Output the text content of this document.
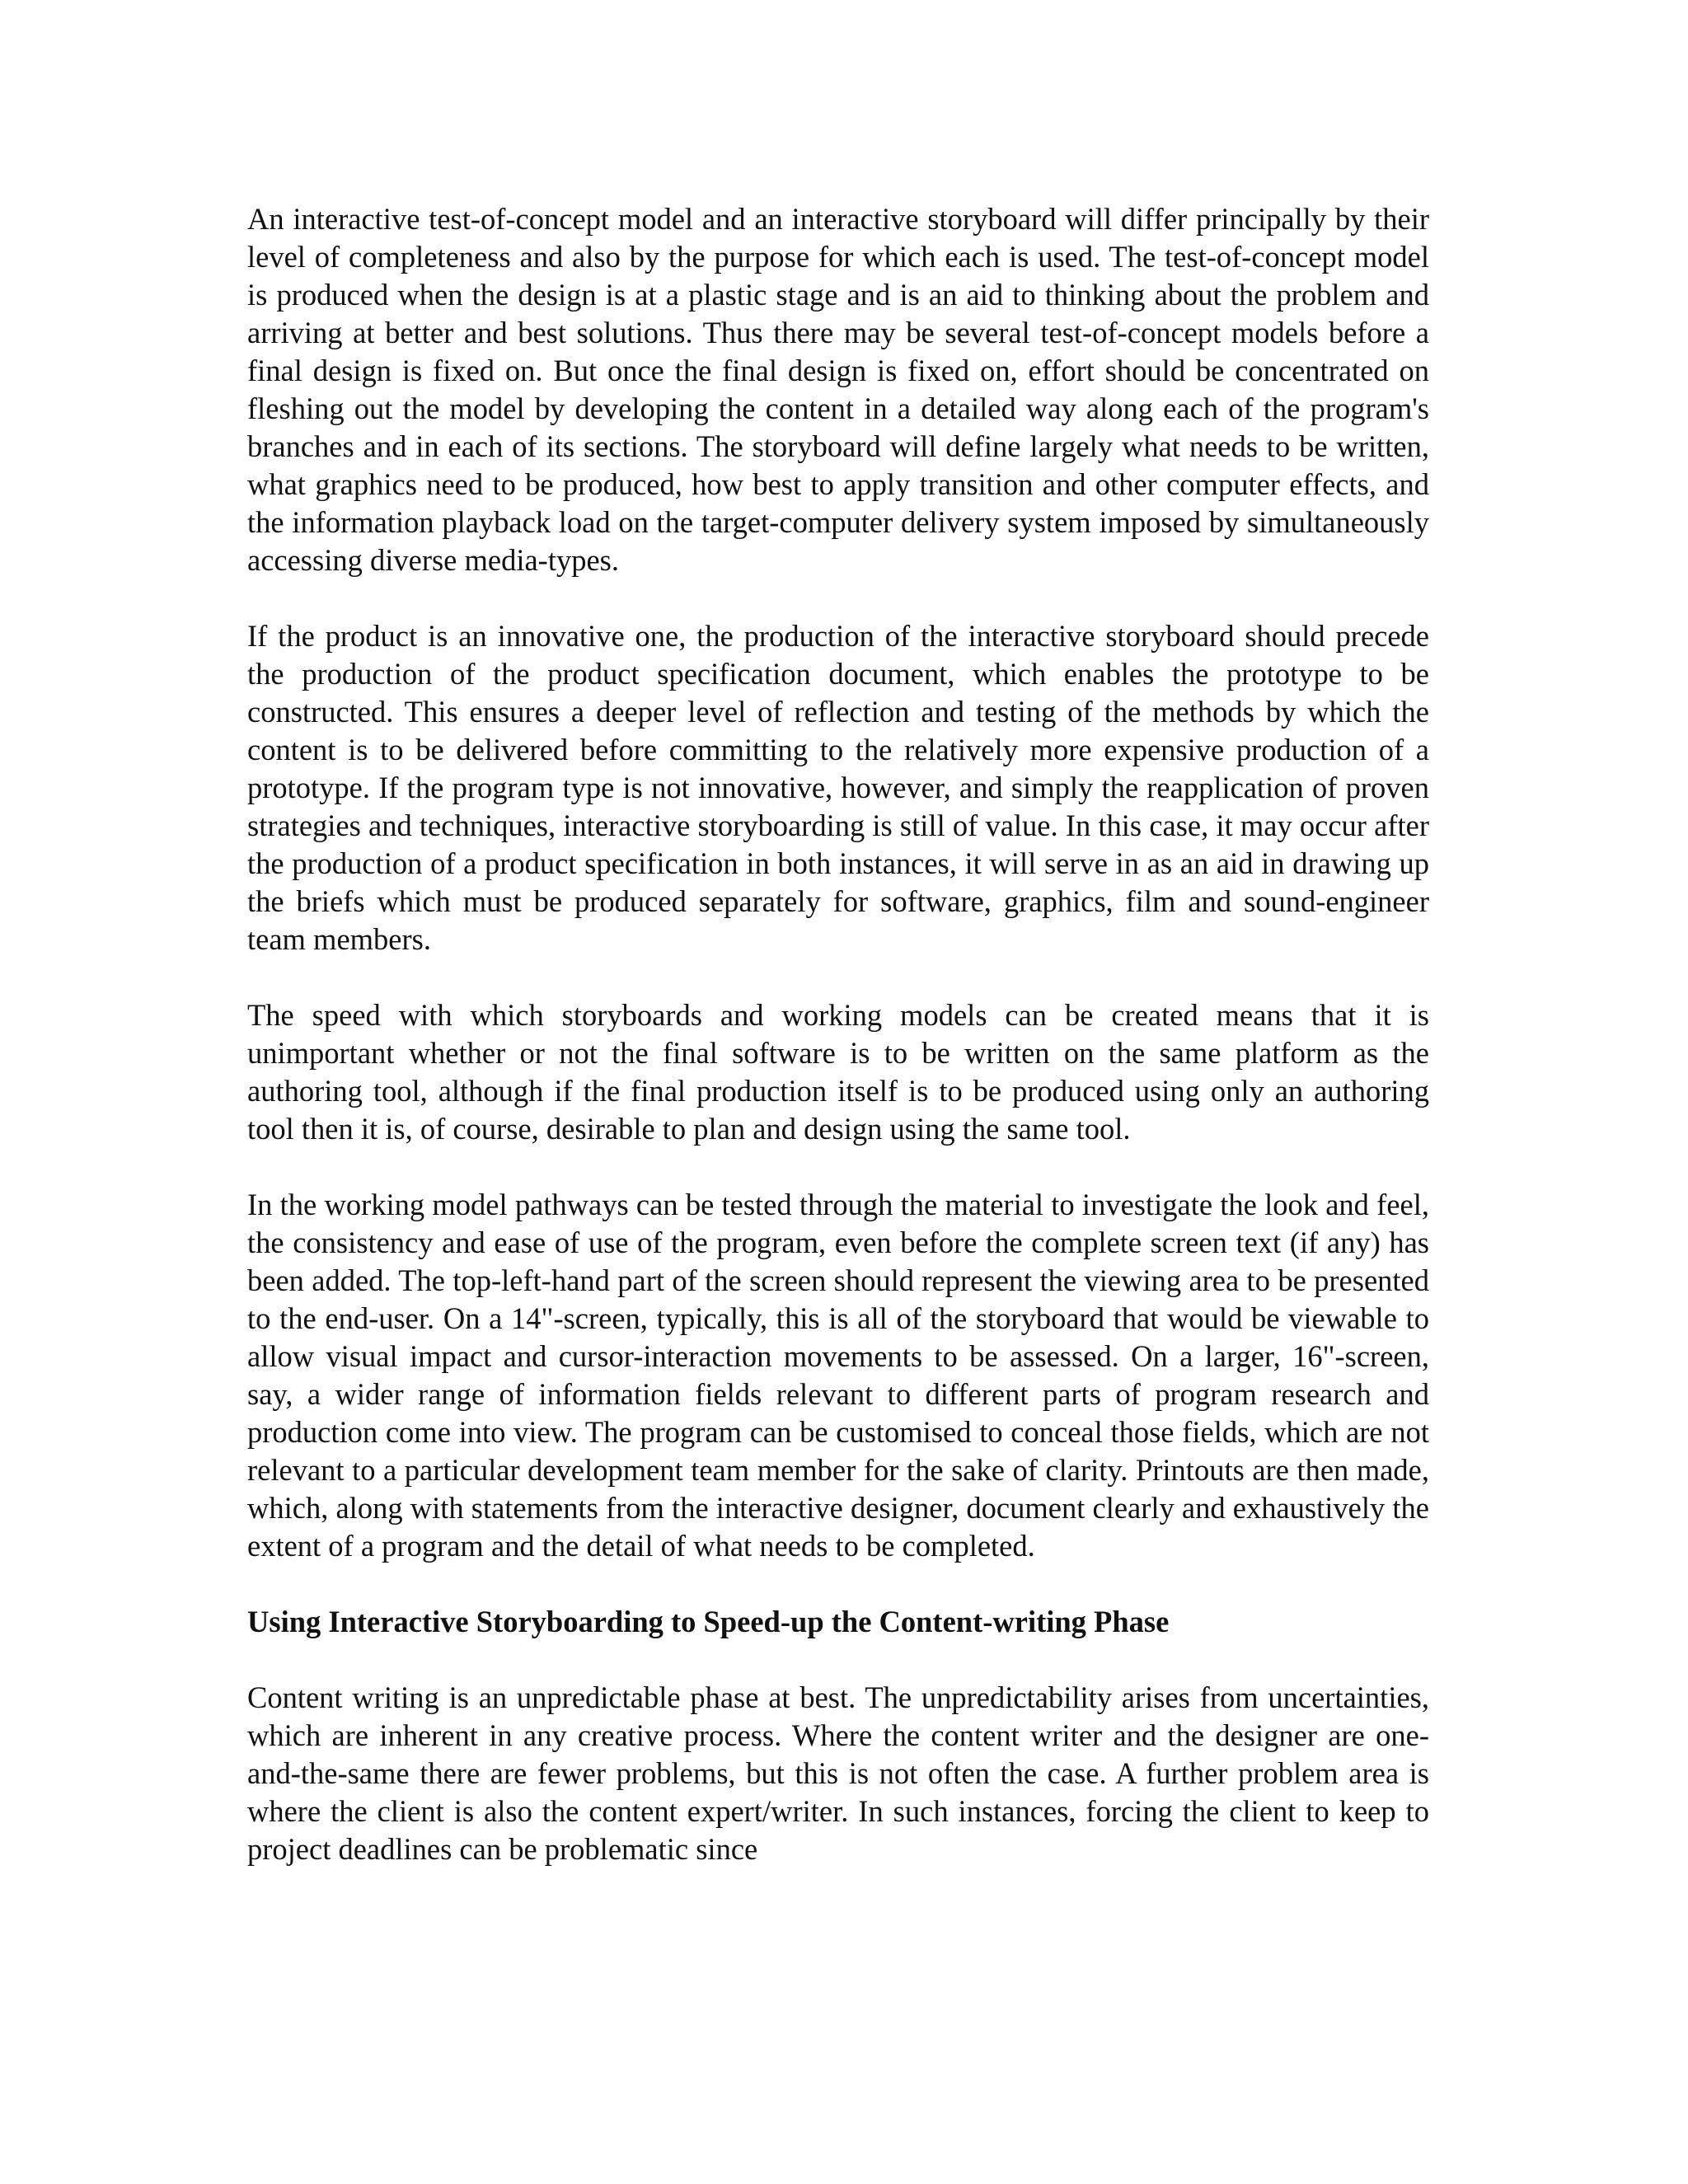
An interactive test-of-concept model and an interactive storyboard will differ principally by their level of completeness and also by the purpose for which each is used. The test-of-concept model is produced when the design is at a plastic stage and is an aid to thinking about the problem and arriving at better and best solutions. Thus there may be several test-of-concept models before a final design is fixed on. But once the final design is fixed on, effort should be concentrated on fleshing out the model by developing the content in a detailed way along each of the program's branches and in each of its sections. The storyboard will define largely what needs to be written, what graphics need to be produced, how best to apply transition and other computer effects, and the information playback load on the target-computer delivery system imposed by simultaneously accessing diverse media-types.

If the product is an innovative one, the production of the interactive storyboard should precede the production of the product specification document, which enables the prototype to be constructed. This ensures a deeper level of reflection and testing of the methods by which the content is to be delivered before committing to the relatively more expensive production of a prototype. If the program type is not innovative, however, and simply the reapplication of proven strategies and techniques, interactive storyboarding is still of value. In this case, it may occur after the production of a product specification in both instances, it will serve in as an aid in drawing up the briefs which must be produced separately for software, graphics, film and sound-engineer team members.

The speed with which storyboards and working models can be created means that it is unimportant whether or not the final software is to be written on the same platform as the authoring tool, although if the final production itself is to be produced using only an authoring tool then it is, of course, desirable to plan and design using the same tool.

In the working model pathways can be tested through the material to investigate the look and feel, the consistency and ease of use of the program, even before the complete screen text (if any) has been added. The top-left-hand part of the screen should represent the viewing area to be presented to the end-user. On a 14"-screen, typically, this is all of the storyboard that would be viewable to allow visual impact and cursor-interaction movements to be assessed. On a larger, 16"-screen, say, a wider range of information fields relevant to different parts of program research and production come into view. The program can be customised to conceal those fields, which are not relevant to a particular development team member for the sake of clarity. Printouts are then made, which, along with statements from the interactive designer, document clearly and exhaustively the extent of a program and the detail of what needs to be completed.

Using Interactive Storyboarding to Speed-up the Content-writing Phase

Content writing is an unpredictable phase at best. The unpredictability arises from uncertainties, which are inherent in any creative process. Where the content writer and the designer are one-and-the-same there are fewer problems, but this is not often the case. A further problem area is where the client is also the content expert/writer. In such instances, forcing the client to keep to project deadlines can be problematic since
